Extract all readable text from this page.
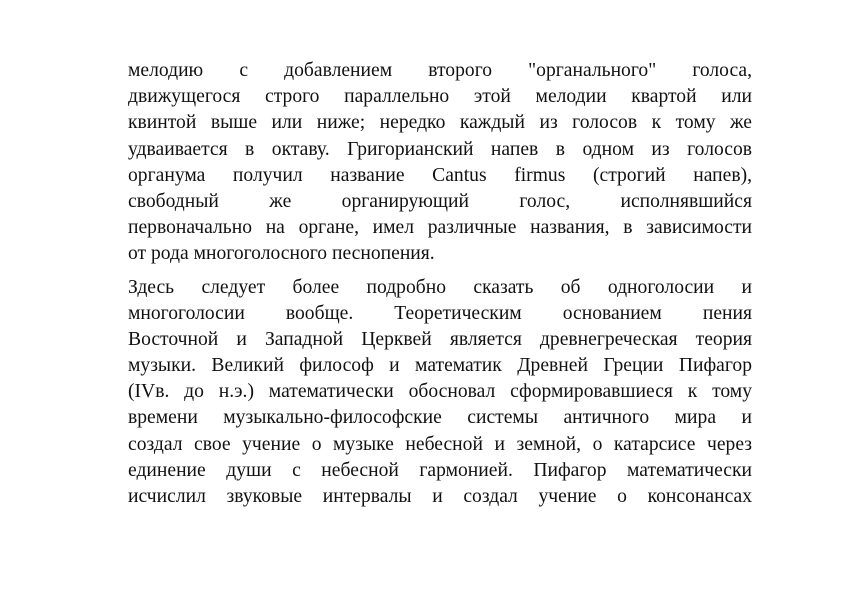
мелодию с добавлением второго "органального" голоса,
движущегося строго параллельно этой мелодии квартой или
квинтой выше или ниже; нередко каждый из голосов к тому же
удваивается в октаву. Григорианский напев в одном из голосов
органума получил название Cantus firmus (строгий напев),
свободный же органирующий голос, исполнявшийся
первоначально на органе, имел различные названия, в зависимости
от рода многоголосного песнопения.
Здесь следует более подробно сказать об одноголосии и
многоголосии вообще. Теоретическим основанием пения
Восточной и Западной Церквей является древнегреческая теория
музыки. Великий философ и математик Древней Греции Пифагор
(IVв. до н.э.) математически обосновал сформировавшиеся к тому
времени музыкально-философские системы античного мира и
создал свое учение о музыке небесной и земной, о катарсисе через
единение души с небесной гармонией. Пифагор математически
исчислил звуковые интервалы и создал учение о консонансах
